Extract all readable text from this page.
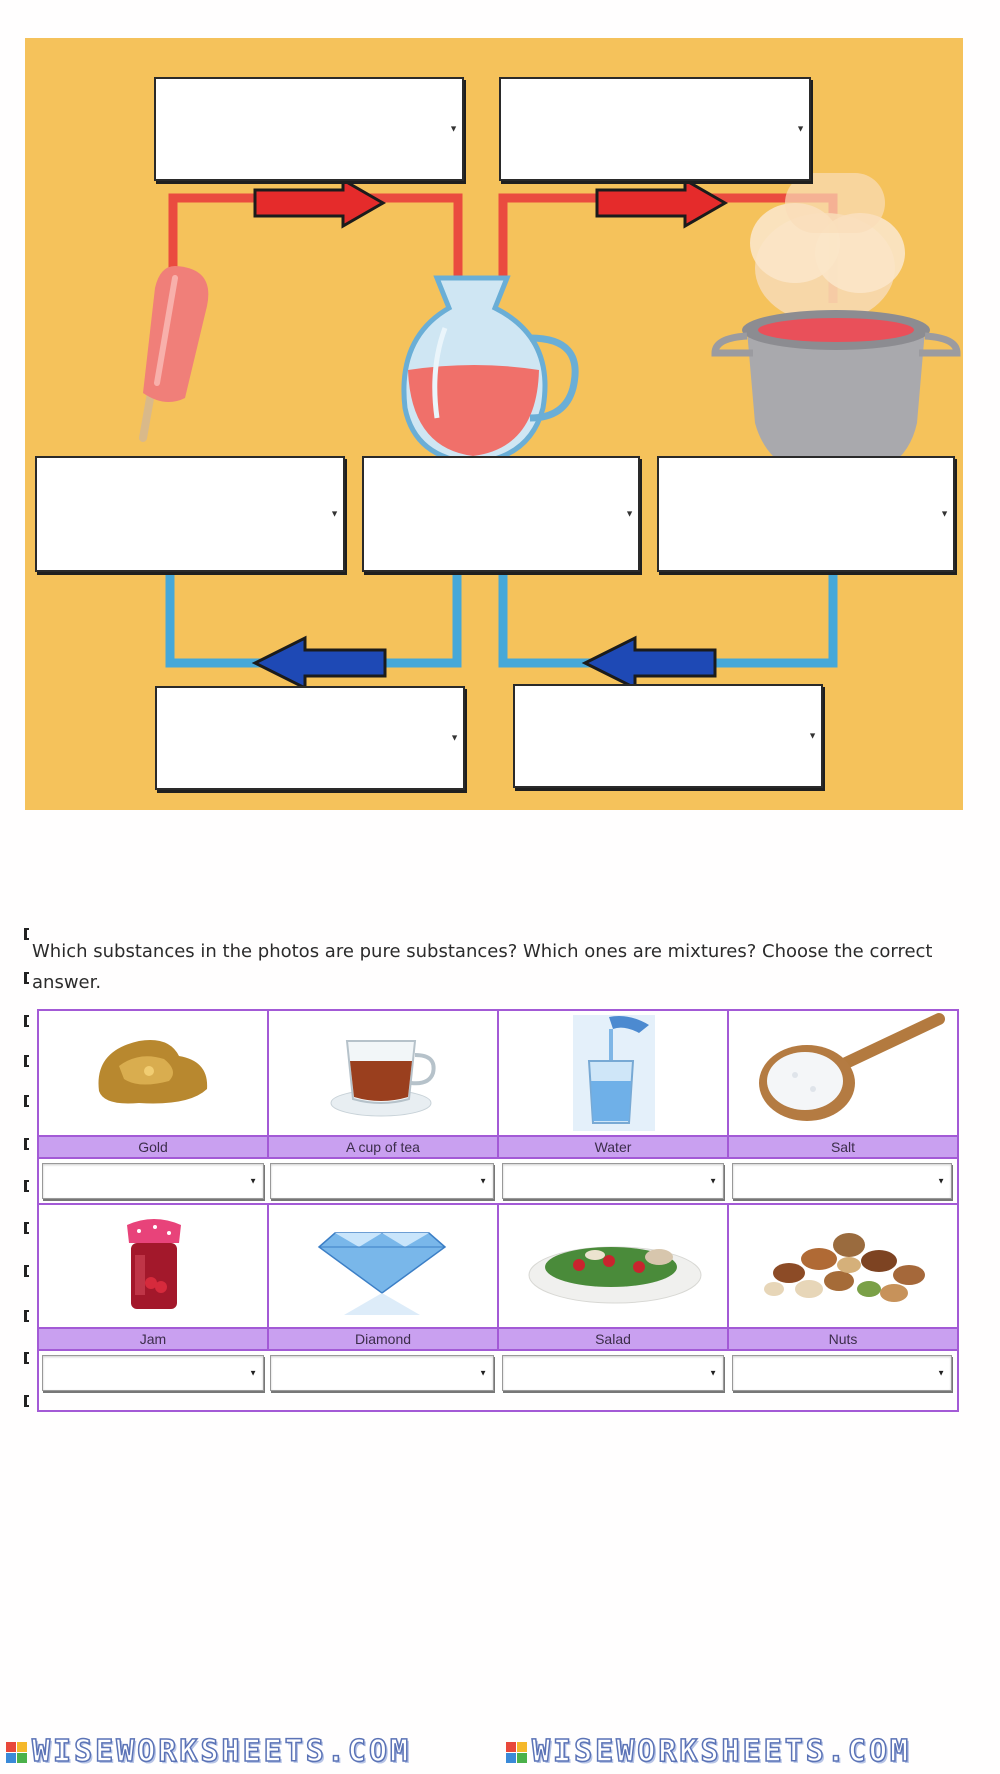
▼	▼
▼	▼	▼
▼	▼
Which substances in the photos are pure substances? Which ones are mixtures? Choose the correct answer.
Gold	A cup of tea	Water	Salt
▼	▼	▼	▼
Jam	Diamond	Salad	Nuts
▼	▼	▼	▼
WISEWORKSHEETS.COM	WISEWORKSHEETS.COM
